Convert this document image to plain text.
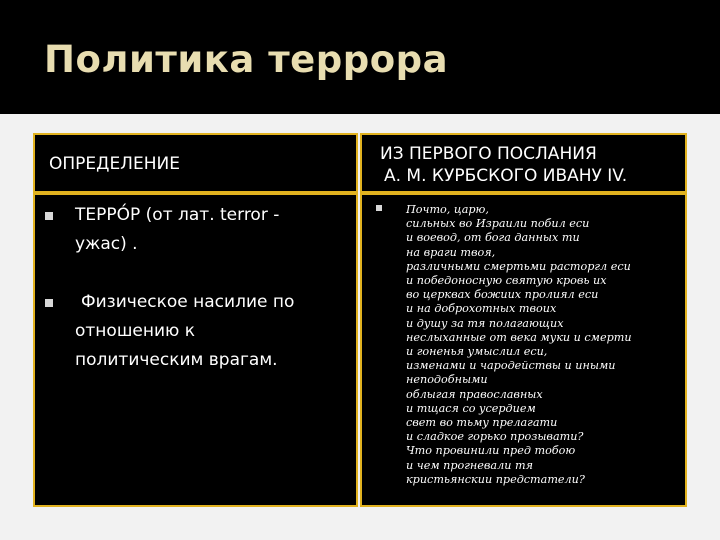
Политика террора
ОПРЕДЕЛЕНИЕ
ТЕРРО́Р (от лат. terror -
ужас) .
Физическое насилие по
отношению к
политическим врагам.
ИЗ ПЕРВОГО ПОСЛАНИЯ
А. М. КУРБСКОГО ИВАНУ IV.
Почто, царю,
сильных во Израили побил еси
и воевод, от бога данных ти
на враги твоя,
различными смертьми расторгл еси
и победоносную святую кровь их
во церквах божиих пролиял еси
и на доброхотных твоих
и душу за тя полагающих
неслыханные от века муки и смерти
и гоненья умыслил еси,
изменами и чародействы и иными
неподобными
облыгая православных
и тщася со усердием
свет во тьму прелагати
и сладкое горько прозывати?
Что провинили пред тобою
и чем прогневали тя
кристьянскии предстатели?
